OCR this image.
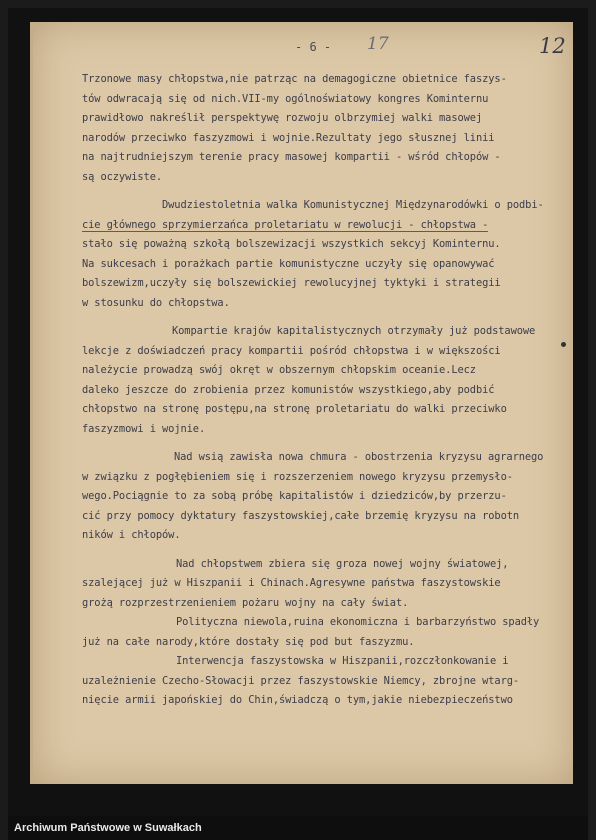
- 6 - 17	12
Trzonowe masy chłopstwa,nie patrząc na demagogiczne obietnice faszys-
tów odwracają się od nich.VII-my ogólnoświatowy kongres Kominternu
prawidłowo nakreślił perspektywę rozwoju olbrzymiej walki masowej
narodów przeciwko faszyzmowi i wojnie.Rezultaty jego słusznej linii
na najtrudniejszym terenie pracy masowej kompartii - wśród chłopów -
są oczywiste.
Dwudziestoletnia walka Komunistycznej Międzynarodówki o podbi-
cie głównego sprzymierzańca proletariatu w rewolucji - chłopstwa -
stało się poważną szkołą bolszewizacji wszystkich sekcyj Kominternu.
Na sukcesach i porażkach partie komunistyczne uczyły się opanowywać
bolszewizm,uczyły się bolszewickiej rewolucyjnej tyktyki i strategii
w stosunku do chłopstwa.
Kompartie krajów kapitalistycznych otrzymały już podstawowe
lekcje z doświadczeń pracy kompartii pośród chłopstwa i w większości
należycie prowadzą swój okręt w obszernym chłopskim oceanie.Lecz
daleko jeszcze do zrobienia przez komunistów wszystkiego,aby podbić
chłopstwo na stronę postępu,na stronę proletariatu do walki przeciwko
faszyzmowi i wojnie.
Nad wsią zawisła nowa chmura - obostrzenia kryzysu agrarnego
w związku z pogłębieniem się i rozszerzeniem nowego kryzysu przemysło-
wego.Pociągnie to za sobą próbę kapitalistów i dziedziców,by przerzu-
cić przy pomocy dyktatury faszystowskiej,całe brzemię kryzysu na robotn
ników i chłopów.
Nad chłopstwem zbiera się groza nowej wojny światowej,
szalejącej już w Hiszpanii i Chinach.Agresywne państwa faszystowskie
grożą rozprzestrzenieniem pożaru wojny na cały świat.
Polityczna niewola,ruina ekonomiczna i barbarzyństwo spadły
już na całe narody,które dostały się pod but faszyzmu.
Interwencja faszystowska w Hiszpanii,rozczłonkowanie i
uzależnienie Czecho-Słowacji przez faszystowskie Niemcy, zbrojne wtarg-
nięcie armii japońskiej do Chin,świadczą o tym,jakie niebezpieczeństwo
Archiwum Państwowe w Suwałkach
